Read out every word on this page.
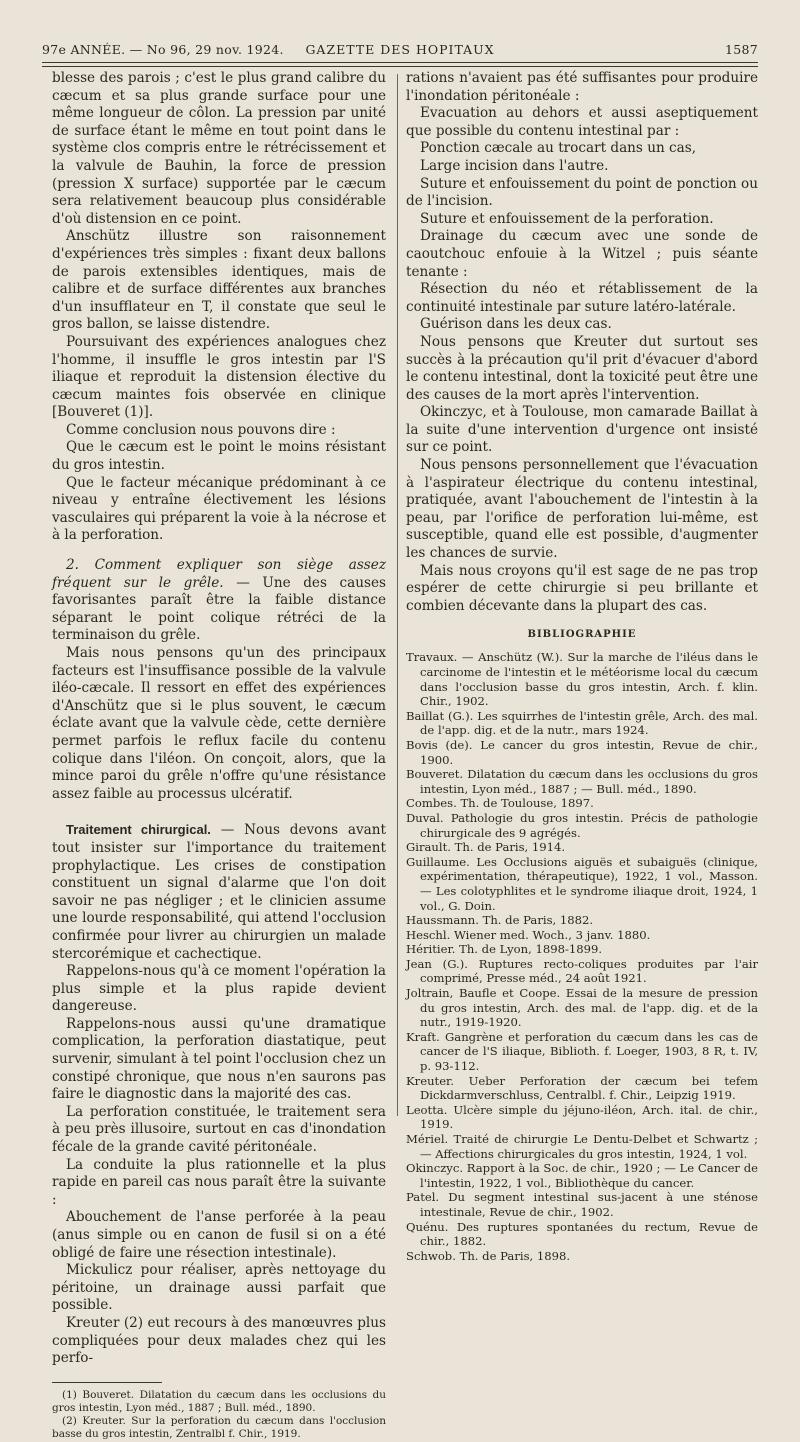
97e ANNÉE. — No 96, 29 nov. 1924.	GAZETTE DES HOPITAUX	1587

blesse des parois ; c'est le plus grand calibre du cæcum et sa plus grande surface pour une même longueur de côlon. La pression par unité de surface étant le même en tout point dans le système clos compris entre le rétrécissement et la valvule de Bauhin, la force de pression (pression X surface) supportée par le cæcum sera relativement beaucoup plus considérable d'où distension en ce point.

Anschütz illustre son raisonnement d'expériences très simples : fixant deux ballons de parois extensibles identiques, mais de calibre et de surface différentes aux branches d'un insufflateur en T, il constate que seul le gros ballon, se laisse distendre.

Poursuivant des expériences analogues chez l'homme, il insuffle le gros intestin par l'S iliaque et reproduit la distension élective du cæcum maintes fois observée en clinique [Bouveret (1)].

Comme conclusion nous pouvons dire :

Que le cæcum est le point le moins résistant du gros intestin.

Que le facteur mécanique prédominant à ce niveau y entraîne électivement les lésions vasculaires qui préparent la voie à la nécrose et à la perforation.

2. Comment expliquer son siège assez fréquent sur le grêle. — Une des causes favorisantes paraît être la faible distance séparant le point colique rétréci de la terminaison du grêle.

Mais nous pensons qu'un des principaux facteurs est l'insuffisance possible de la valvule iléo-cæcale. Il ressort en effet des expériences d'Anschütz que si le plus souvent, le cæcum éclate avant que la valvule cède, cette dernière permet parfois le reflux facile du contenu colique dans l'iléon. On conçoit, alors, que la mince paroi du grêle n'offre qu'une résistance assez faible au processus ulcératif.

Traitement chirurgical. — Nous devons avant tout insister sur l'importance du traitement prophylactique. Les crises de constipation constituent un signal d'alarme que l'on doit savoir ne pas négliger ; et le clinicien assume une lourde responsabilité, qui attend l'occlusion confirmée pour livrer au chirurgien un malade stercorémique et cachectique.

Rappelons-nous qu'à ce moment l'opération la plus simple et la plus rapide devient dangereuse.

Rappelons-nous aussi qu'une dramatique complication, la perforation diastatique, peut survenir, simulant à tel point l'occlusion chez un constipé chronique, que nous n'en saurons pas faire le diagnostic dans la majorité des cas.

La perforation constituée, le traitement sera à peu près illusoire, surtout en cas d'inondation fécale de la grande cavité péritonéale.

La conduite la plus rationnelle et la plus rapide en pareil cas nous paraît être la suivante :

Abouchement de l'anse perforée à la peau (anus simple ou en canon de fusil si on a été obligé de faire une résection intestinale).

Mickulicz pour réaliser, après nettoyage du péritoine, un drainage aussi parfait que possible.

Kreuter (2) eut recours à des manœuvres plus compliquées pour deux malades chez qui les perfo-

(1) Bouveret. Dilatation du cæcum dans les occlusions du gros intestin, Lyon méd., 1887 ; Bull. méd., 1890.

(2) Kreuter. Sur la perforation du cæcum dans l'occlusion basse du gros intestin, Zentralbl f. Chir., 1919.

rations n'avaient pas été suffisantes pour produire l'inondation péritonéale :

Evacuation au dehors et aussi aseptiquement que possible du contenu intestinal par :

Ponction cæcale au trocart dans un cas,

Large incision dans l'autre.

Suture et enfouissement du point de ponction ou de l'incision.

Suture et enfouissement de la perforation.

Drainage du cæcum avec une sonde de caoutchouc enfouie à la Witzel ; puis séante tenante :

Résection du néo et rétablissement de la continuité intestinale par suture latéro-latérale.

Guérison dans les deux cas.

Nous pensons que Kreuter dut surtout ses succès à la précaution qu'il prit d'évacuer d'abord le contenu intestinal, dont la toxicité peut être une des causes de la mort après l'intervention.

Okinczyc, et à Toulouse, mon camarade Baillat à la suite d'une intervention d'urgence ont insisté sur ce point.

Nous pensons personnellement que l'évacuation à l'aspirateur électrique du contenu intestinal, pratiquée, avant l'abouchement de l'intestin à la peau, par l'orifice de perforation lui-même, est susceptible, quand elle est possible, d'augmenter les chances de survie.

Mais nous croyons qu'il est sage de ne pas trop espérer de cette chirurgie si peu brillante et combien décevante dans la plupart des cas.

BIBLIOGRAPHIE

Travaux. — Anschütz (W.). Sur la marche de l'iléus dans le carcinome de l'intestin et le météorisme local du cæcum dans l'occlusion basse du gros intestin, Arch. f. klin. Chir., 1902.

Baillat (G.). Les squirrhes de l'intestin grêle, Arch. des mal. de l'app. dig. et de la nutr., mars 1924.

Bovis (de). Le cancer du gros intestin, Revue de chir., 1900.

Bouveret. Dilatation du cæcum dans les occlusions du gros intestin, Lyon méd., 1887 ; — Bull. méd., 1890.

Combes. Th. de Toulouse, 1897.

Duval. Pathologie du gros intestin. Précis de pathologie chirurgicale des 9 agrégés.

Girault. Th. de Paris, 1914.

Guillaume. Les Occlusions aiguës et subaiguës (clinique, expérimentation, thérapeutique), 1922, 1 vol., Masson. — Les colotyphlites et le syndrome iliaque droit, 1924, 1 vol., G. Doin.

Haussmann. Th. de Paris, 1882.

Heschl. Wiener med. Woch., 3 janv. 1880.

Héritier. Th. de Lyon, 1898-1899.

Jean (G.). Ruptures recto-coliques produites par l'air comprimé, Presse méd., 24 août 1921.

Joltrain, Baufle et Coope. Essai de la mesure de pression du gros intestin, Arch. des mal. de l'app. dig. et de la nutr., 1919-1920.

Kraft. Gangrène et perforation du cæcum dans les cas de cancer de l'S iliaque, Biblioth. f. Loeger, 1903, 8 R, t. IV, p. 93-112.

Kreuter. Ueber Perforation der cæcum bei tefem Dickdarmverschluss, Centralbl. f. Chir., Leipzig 1919.

Leotta. Ulcère simple du jéjuno-iléon, Arch. ital. de chir., 1919.

Mériel. Traité de chirurgie Le Dentu-Delbet et Schwartz ; — Affections chirurgicales du gros intestin, 1924, 1 vol.

Okinczyc. Rapport à la Soc. de chir., 1920 ; — Le Cancer de l'intestin, 1922, 1 vol., Bibliothèque du cancer.

Patel. Du segment intestinal sus-jacent à une sténose intestinale, Revue de chir., 1902.

Quénu. Des ruptures spontanées du rectum, Revue de chir., 1882.

Schwob. Th. de Paris, 1898.
